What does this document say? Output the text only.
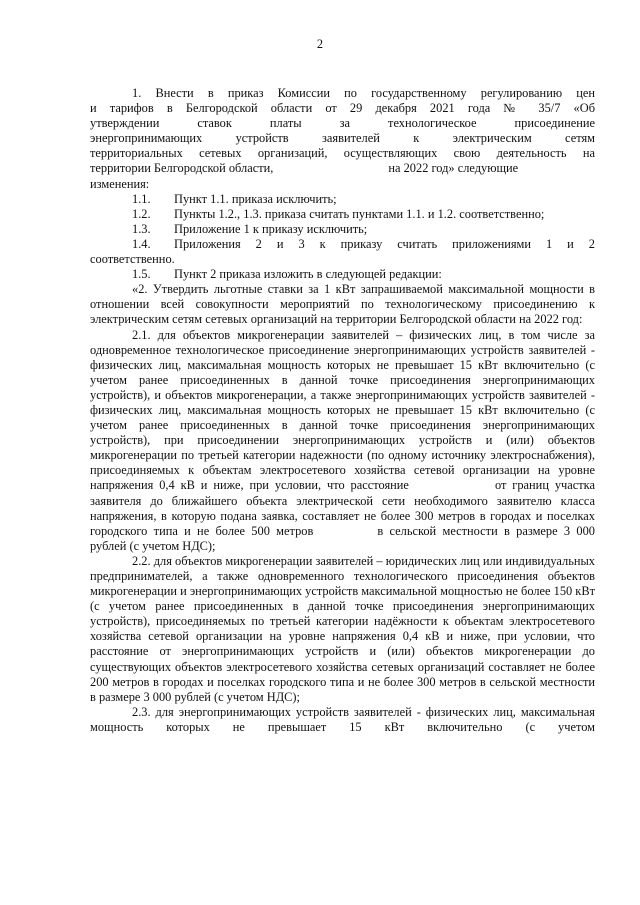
2

1. Внести в приказ Комиссии по государственному регулированию цен

и тарифов в Белгородской области от 29 декабря 2021 года № 35/7 «Об

утверждении ставок платы за технологическое присоединение

энергопринимающих устройств заявителей к электрическим сетям

территориальных сетевых организаций, осуществляющих свою деятельность на

территории Белгородской области,	на 2022 год» следующие

изменения:

1.1.	Пункт 1.1. приказа исключить;
1.2.	Пункты 1.2., 1.3. приказа считать пунктами 1.1. и 1.2. соответственно;
1.3.	Приложение 1 к приказу исключить;
1.4.	Приложения 2 и 3 к приказу считать приложениями 1 и 2

соответственно.

1.5.	Пункт 2 приказа изложить в следующей редакции:

«2. Утвердить льготные ставки за 1 кВт запрашиваемой максимальной мощности в отношении всей совокупности мероприятий по технологическому присоединению к электрическим сетям сетевых организаций на территории Белгородской области на 2022 год:

2.1. для объектов микрогенерации заявителей – физических лиц, в том числе за одновременное технологическое присоединение энергопринимающих устройств заявителей - физических лиц, максимальная мощность которых не превышает 15 кВт включительно (с учетом ранее присоединенных в данной точке присоединения энергопринимающих устройств), и объектов микрогенерации, а также энергопринимающих устройств заявителей - физических лиц, максимальная мощность которых не превышает 15 кВт включительно (с учетом ранее присоединенных в данной точке присоединения энергопринимающих устройств), при присоединении энергопринимающих устройств и (или) объектов микрогенерации по третьей категории надежности (по одному источнику электроснабжения), присоединяемых к объектам электросетевого хозяйства сетевой организации на уровне напряжения 0,4 кВ и ниже, при условии, что расстояние	от границ участка заявителя до ближайшего объекта электрической сети необходимого заявителю класса напряжения, в которую подана заявка, составляет не более 300 метров в городах и поселках городского типа и не более 500 метров	в сельской местности в размере 3 000 рублей (с учетом НДС);

2.2. для объектов микрогенерации заявителей – юридических лиц или индивидуальных предпринимателей, а также одновременного технологического присоединения объектов микрогенерации и энергопринимающих устройств максимальной мощностью не более 150 кВт (с учетом ранее присоединенных в данной точке присоединения энергопринимающих устройств), присоединяемых по третьей категории надёжности к объектам электросетевого хозяйства сетевой организации на уровне напряжения 0,4 кВ и ниже, при условии, что расстояние от энергопринимающих устройств и (или) объектов микрогенерации до существующих объектов электросетевого хозяйства сетевых организаций составляет не более 200 метров в городах и поселках городского типа и не более 300 метров в сельской местности в размере 3 000 рублей (с учетом НДС);

2.3. для энергопринимающих устройств заявителей - физических лиц, максимальная мощность которых не превышает 15 кВт включительно (с учетом
